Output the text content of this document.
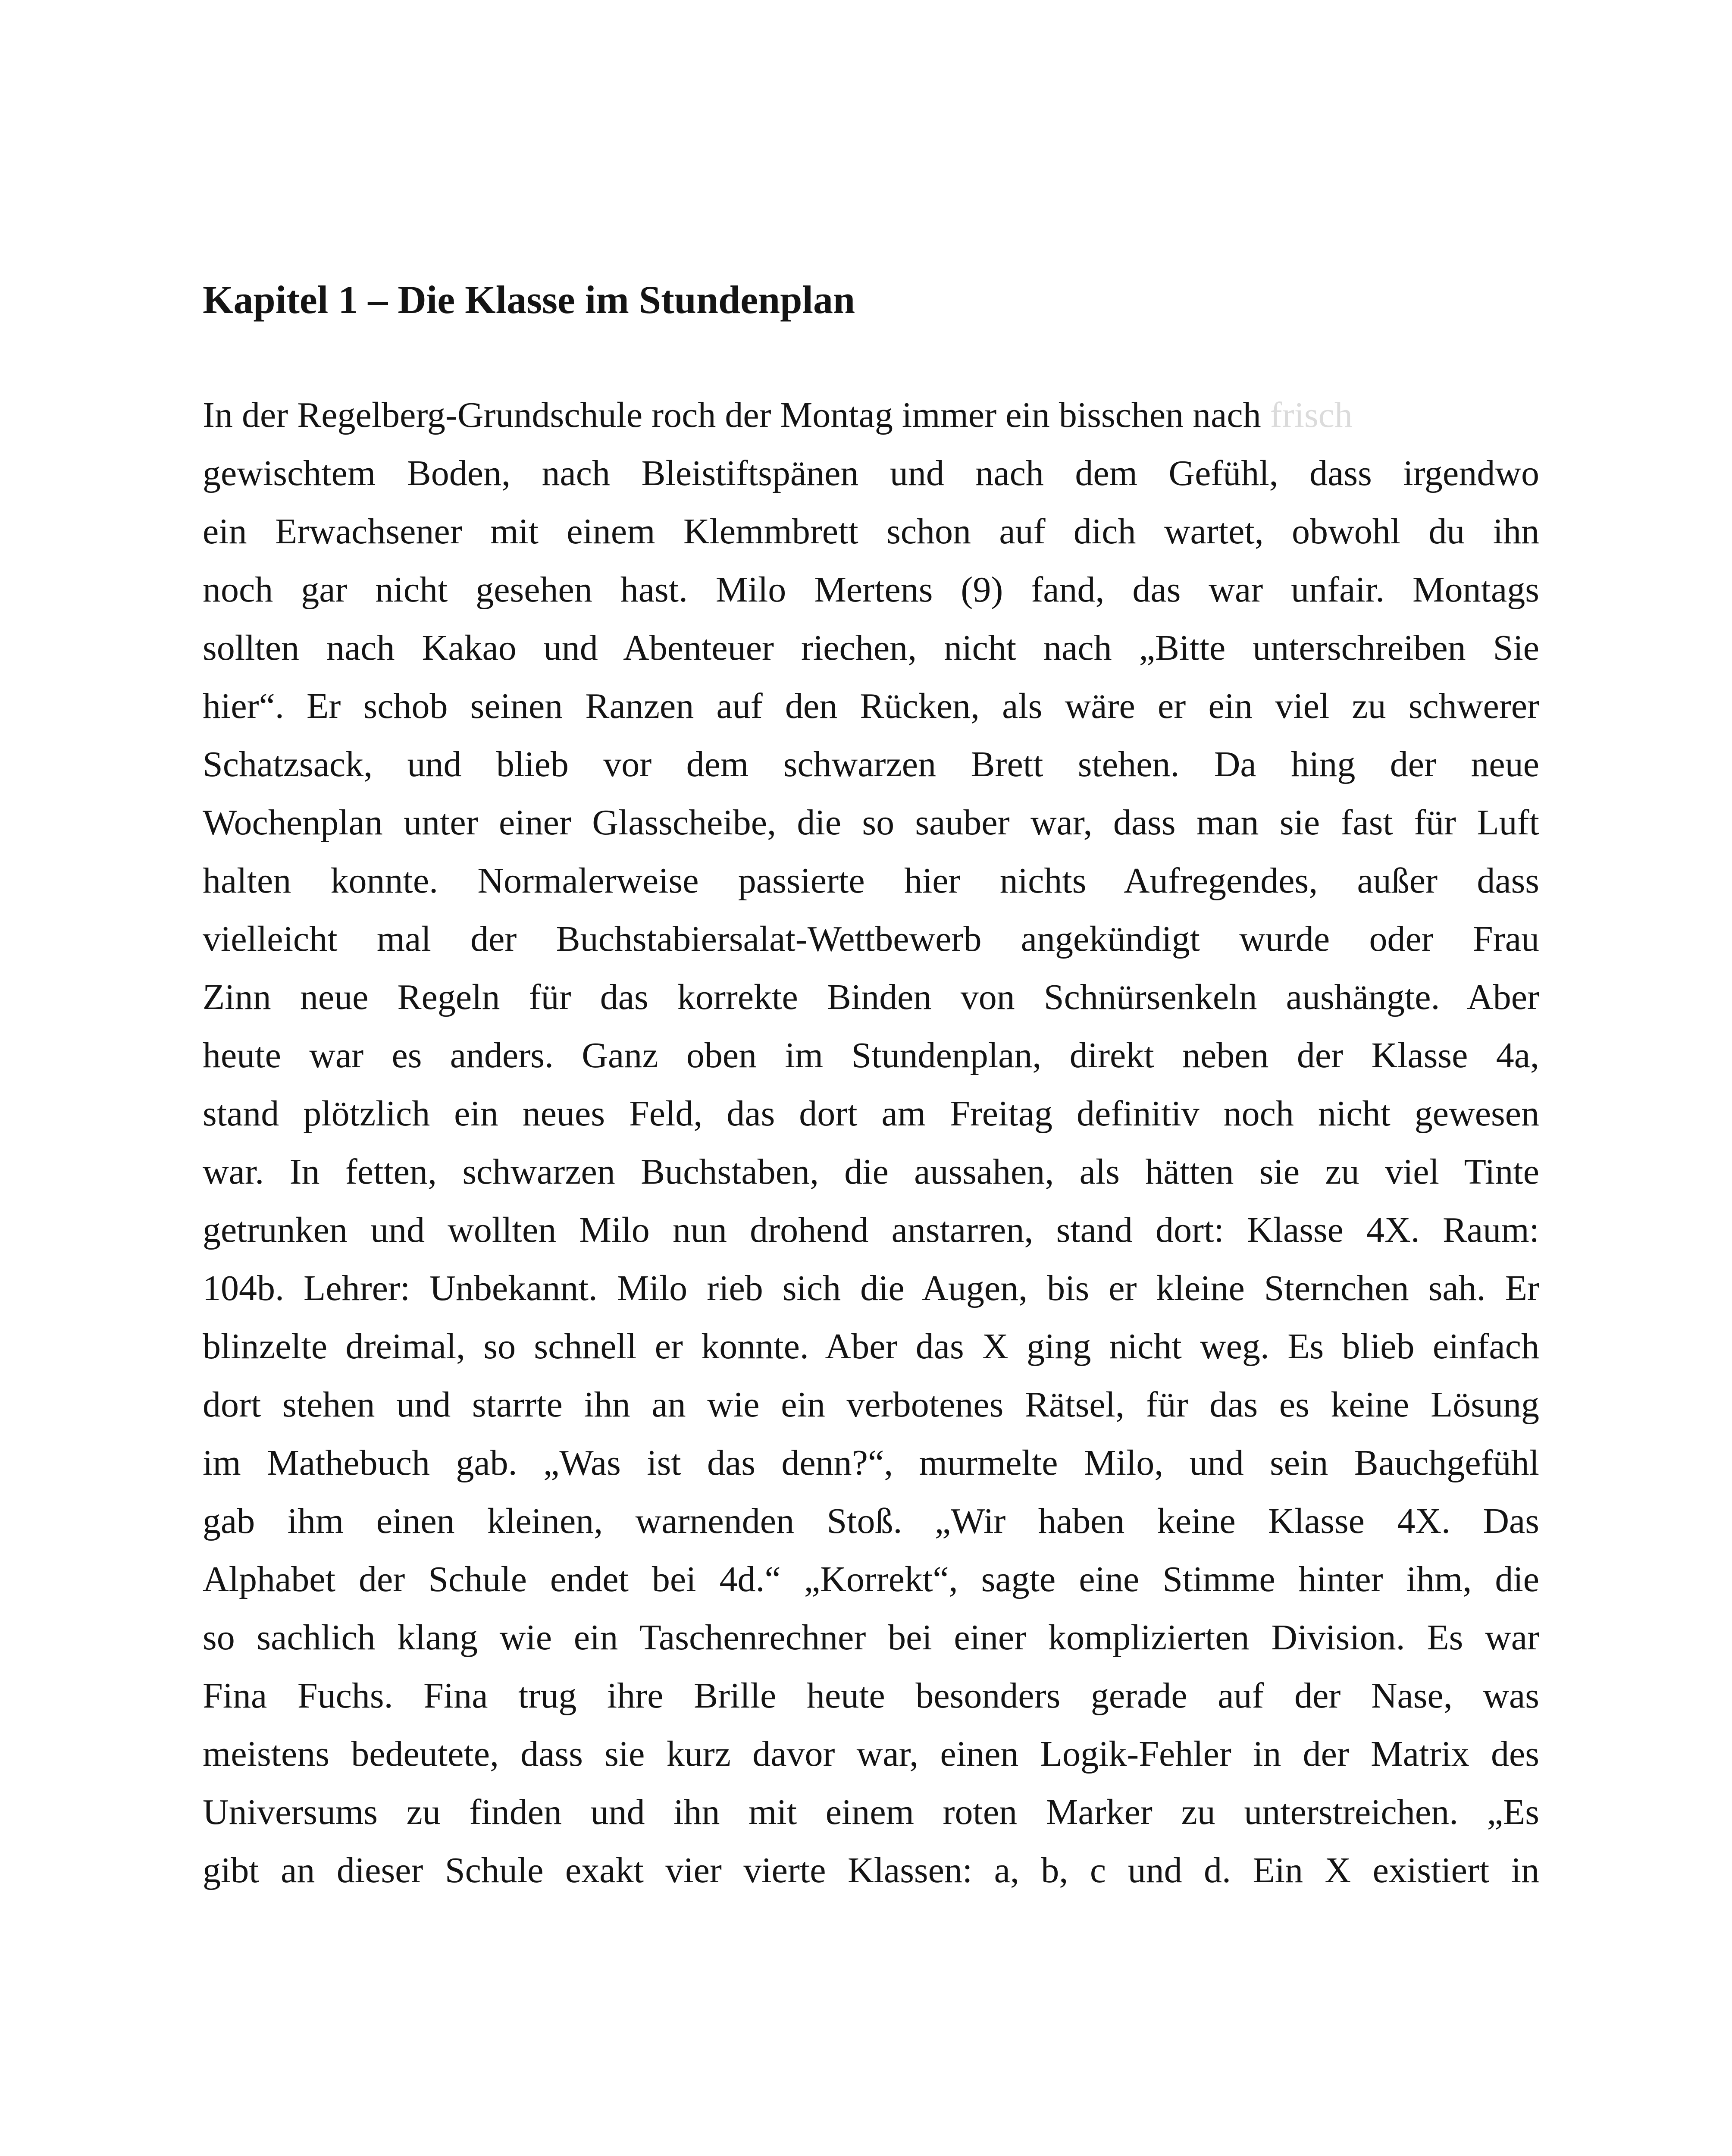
Kapitel 1 – Die Klasse im Stundenplan
In der Regelberg-Grundschule roch der Montag immer ein bisschen nach frisch
gewischtem Boden, nach Bleistiftspänen und nach dem Gefühl, dass irgendwo
ein Erwachsener mit einem Klemmbrett schon auf dich wartet, obwohl du ihn
noch gar nicht gesehen hast. Milo Mertens (9) fand, das war unfair. Montags
sollten nach Kakao und Abenteuer riechen, nicht nach „Bitte unterschreiben Sie
hier“. Er schob seinen Ranzen auf den Rücken, als wäre er ein viel zu schwerer
Schatzsack, und blieb vor dem schwarzen Brett stehen. Da hing der neue
Wochenplan unter einer Glasscheibe, die so sauber war, dass man sie fast für Luft
halten konnte. Normalerweise passierte hier nichts Aufregendes, außer dass
vielleicht mal der Buchstabiersalat-Wettbewerb angekündigt wurde oder Frau
Zinn neue Regeln für das korrekte Binden von Schnürsenkeln aushängte. Aber
heute war es anders. Ganz oben im Stundenplan, direkt neben der Klasse 4a,
stand plötzlich ein neues Feld, das dort am Freitag definitiv noch nicht gewesen
war. In fetten, schwarzen Buchstaben, die aussahen, als hätten sie zu viel Tinte
getrunken und wollten Milo nun drohend anstarren, stand dort: Klasse 4X. Raum:
104b. Lehrer: Unbekannt. Milo rieb sich die Augen, bis er kleine Sternchen sah. Er
blinzelte dreimal, so schnell er konnte. Aber das X ging nicht weg. Es blieb einfach
dort stehen und starrte ihn an wie ein verbotenes Rätsel, für das es keine Lösung
im Mathebuch gab. „Was ist das denn?“, murmelte Milo, und sein Bauchgefühl
gab ihm einen kleinen, warnenden Stoß. „Wir haben keine Klasse 4X. Das
Alphabet der Schule endet bei 4d.“ „Korrekt“, sagte eine Stimme hinter ihm, die
so sachlich klang wie ein Taschenrechner bei einer komplizierten Division. Es war
Fina Fuchs. Fina trug ihre Brille heute besonders gerade auf der Nase, was
meistens bedeutete, dass sie kurz davor war, einen Logik-Fehler in der Matrix des
Universums zu finden und ihn mit einem roten Marker zu unterstreichen. „Es
gibt an dieser Schule exakt vier vierte Klassen: a, b, c und d. Ein X existiert in
